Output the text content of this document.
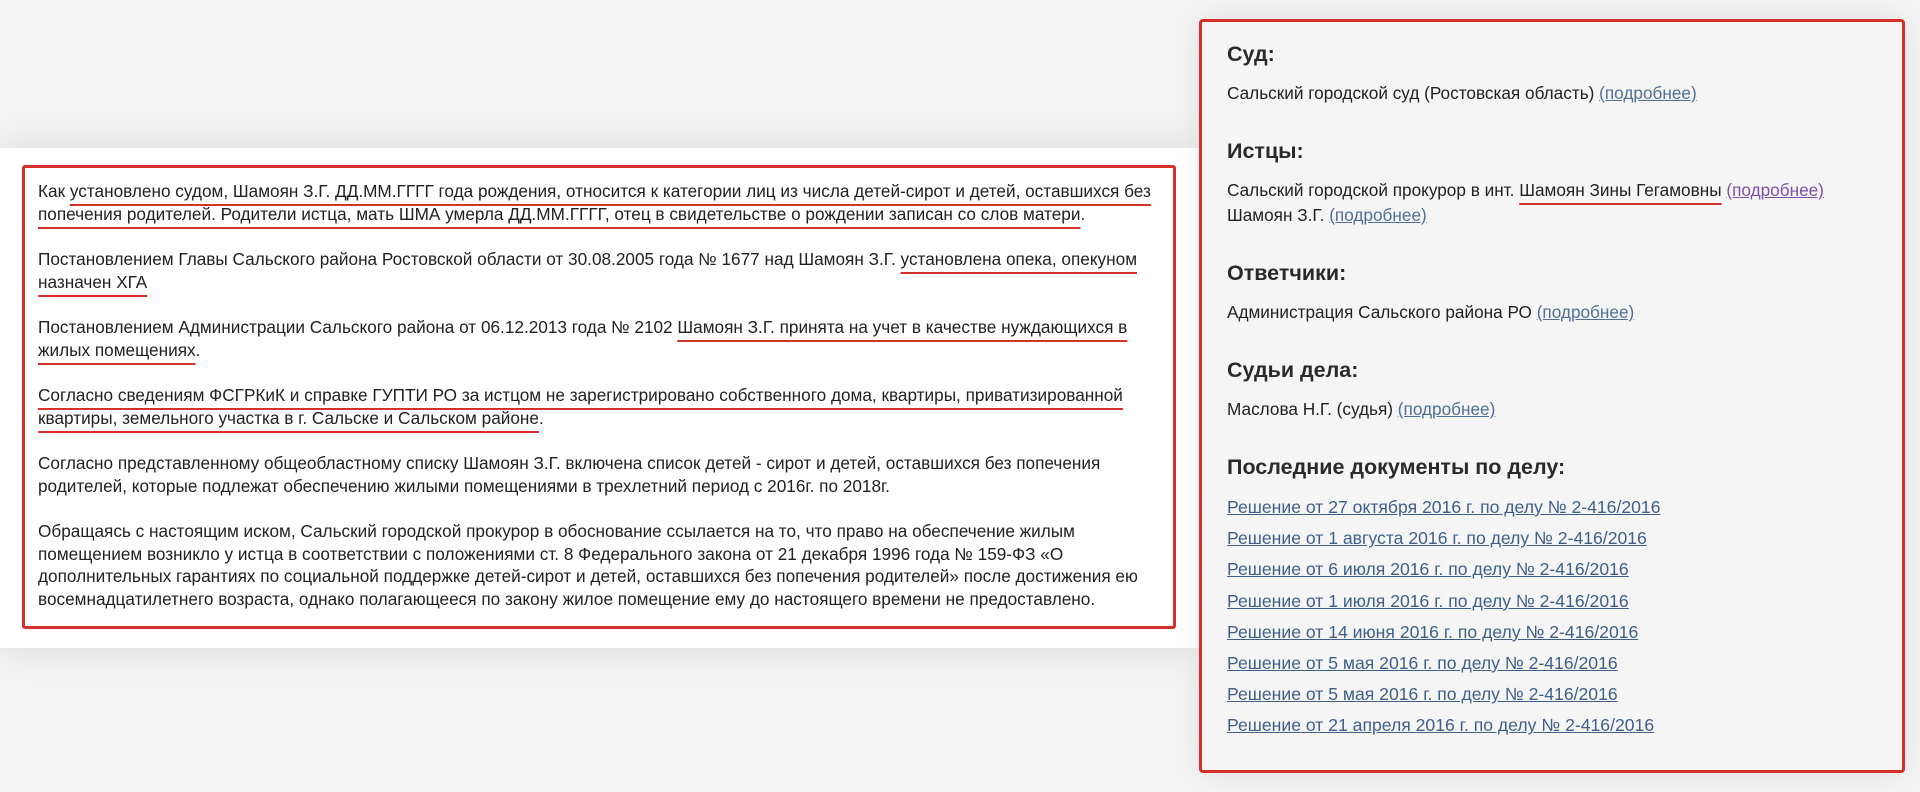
Как установлено судом, Шамоян З.Г. ДД.ММ.ГГГГ года рождения, относится к категории лиц из числа детей-сирот и детей, оставшихся без попечения родителей. Родители истца, мать ШМА умерла ДД.ММ.ГГГГ, отец в свидетельстве о рождении записан со слов матери.

Постановлением Главы Сальского района Ростовской области от 30.08.2005 года № 1677 над Шамоян З.Г. установлена опека, опекуном назначен ХГА

Постановлением Администрации Сальского района от 06.12.2013 года № 2102 Шамоян З.Г. принята на учет в качестве нуждающихся в жилых помещениях.

Согласно сведениям ФСГРКиК и справке ГУПТИ РО за истцом не зарегистрировано собственного дома, квартиры, приватизированной квартиры, земельного участка в г. Сальске и Сальском районе.

Согласно представленному общеобластному списку Шамоян З.Г. включена список детей - сирот и детей, оставшихся без попечения родителей, которые подлежат обеспечению жилыми помещениями в трехлетний период с 2016г. по 2018г.

Обращаясь с настоящим иском, Сальский городской прокурор в обоснование ссылается на то, что право на обеспечение жилым помещением возникло у истца в соответствии с положениями ст. 8 Федерального закона от 21 декабря 1996 года № 159-ФЗ «О дополнительных гарантиях по социальной поддержке детей-сирот и детей, оставшихся без попечения родителей» после достижения ею восемнадцатилетнего возраста, однако полагающееся по закону жилое помещение ему до настоящего времени не предоставлено.

Суд:

Сальский городской суд (Ростовская область) (подробнее)

Истцы:

Сальский городской прокурор в инт. Шамоян Зины Гегамовны (подробнее)

Шамоян З.Г. (подробнее)

Ответчики:

Администрация Сальского района РО (подробнее)

Судьи дела:

Маслова Н.Г. (судья) (подробнее)

Последние документы по делу:
Решение от 27 октября 2016 г. по делу № 2-416/2016
Решение от 1 августа 2016 г. по делу № 2-416/2016
Решение от 6 июля 2016 г. по делу № 2-416/2016
Решение от 1 июля 2016 г. по делу № 2-416/2016
Решение от 14 июня 2016 г. по делу № 2-416/2016
Решение от 5 мая 2016 г. по делу № 2-416/2016
Решение от 5 мая 2016 г. по делу № 2-416/2016
Решение от 21 апреля 2016 г. по делу № 2-416/2016
